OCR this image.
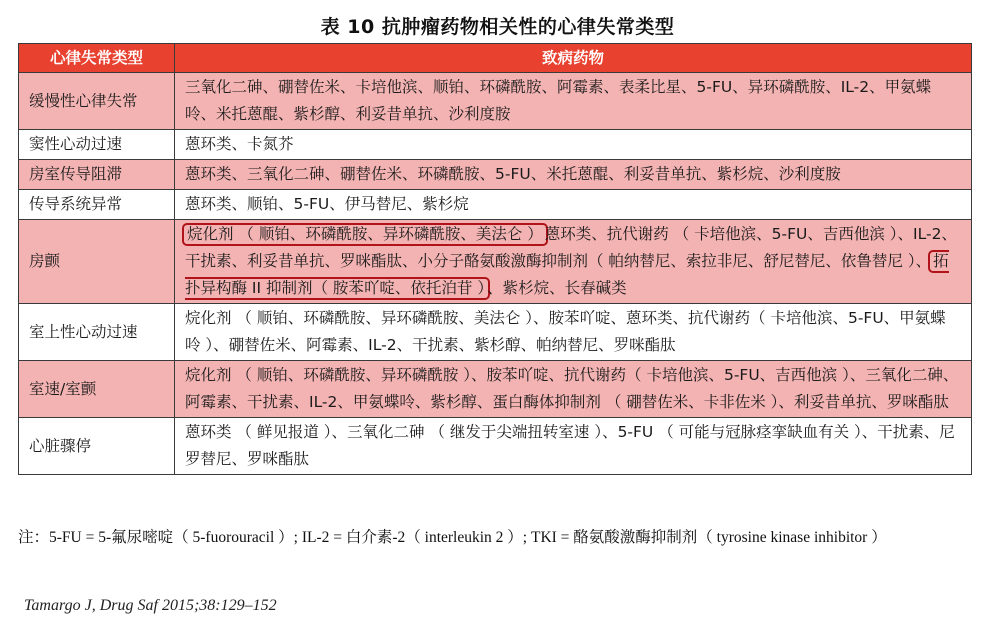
表 10 抗肿瘤药物相关性的心律失常类型
心律失常类型	致病药物
缓慢性心律失常	三氧化二砷、硼替佐米、卡培他滨、顺铂、环磷酰胺、阿霉素、表柔比星、5-FU、异环磷酰胺、IL-2、甲氨蝶呤、米托蒽醌、紫杉醇、利妥昔单抗、沙利度胺
窦性心动过速	蒽环类、卡氮芥
房室传导阻滞	蒽环类、三氧化二砷、硼替佐米、环磷酰胺、5-FU、米托蒽醌、利妥昔单抗、紫杉烷、沙利度胺
传导系统异常	蒽环类、顺铂、5-FU、伊马替尼、紫杉烷
房颤	烷化剂 （ 顺铂、环磷酰胺、异环磷酰胺、美法仑 ） 蒽环类、抗代谢药 （ 卡培他滨、5-FU、吉西他滨 ）、IL-2、干扰素、利妥昔单抗、罗咪酯肽、小分子酪氨酸激酶抑制剂（ 帕纳替尼、索拉非尼、舒尼替尼、依鲁替尼 ）、 拓扑异构酶 II 抑制剂（ 胺苯吖啶、依托泊苷 ） 、紫杉烷、长春碱类
室上性心动过速	烷化剂 （ 顺铂、环磷酰胺、异环磷酰胺、美法仑 ）、胺苯吖啶、蒽环类、抗代谢药（ 卡培他滨、5-FU、甲氨蝶呤 ）、硼替佐米、阿霉素、IL-2、干扰素、紫杉醇、帕纳替尼、罗咪酯肽
室速/室颤	烷化剂 （ 顺铂、环磷酰胺、异环磷酰胺 ）、胺苯吖啶、抗代谢药（ 卡培他滨、5-FU、吉西他滨 ）、三氧化二砷、阿霉素、干扰素、IL-2、甲氨蝶呤、紫杉醇、蛋白酶体抑制剂 （ 硼替佐米、卡非佐米 ）、利妥昔单抗、罗咪酯肽
心脏骤停	蒽环类 （ 鲜见报道 ）、三氧化二砷 （ 继发于尖端扭转室速 ）、5-FU （ 可能与冠脉痉挛缺血有关 ）、干扰素、尼罗替尼、罗咪酯肽
注：5-FU = 5-氟尿嘧啶（ 5-fuorouracil ）; IL-2 = 白介素-2（ interleukin 2 ）; TKI = 酪氨酸激酶抑制剂（ tyrosine kinase inhibitor ）
Tamargo J, Drug Saf 2015;38:129–152
